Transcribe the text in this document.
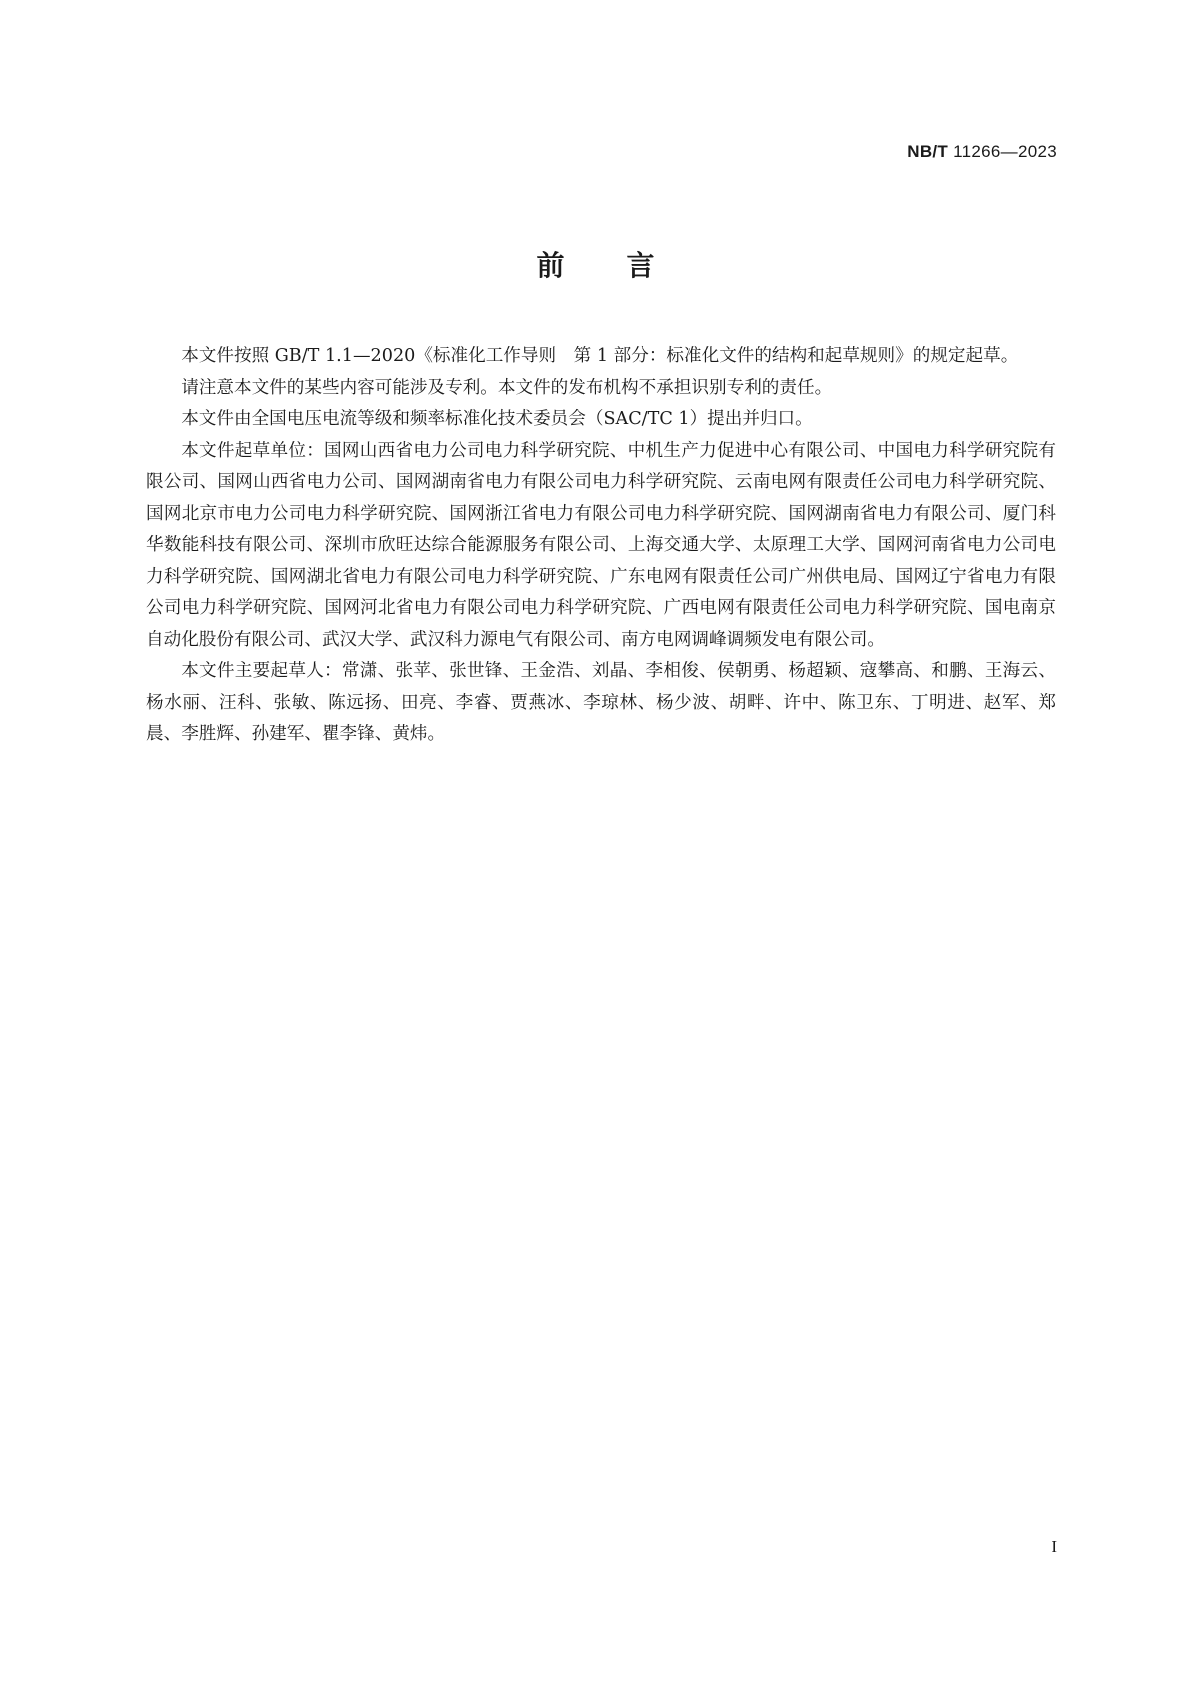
NB/T 11266—2023
前言

本文件按照 GB/T 1.1—2020《标准化工作导则　第 1 部分：标准化文件的结构和起草规则》的规定起草。

请注意本文件的某些内容可能涉及专利。本文件的发布机构不承担识别专利的责任。

本文件由全国电压电流等级和频率标准化技术委员会（SAC/TC 1）提出并归口。

本文件起草单位：国网山西省电力公司电力科学研究院、中机生产力促进中心有限公司、中国电力科学研究院有限公司、国网山西省电力公司、国网湖南省电力有限公司电力科学研究院、云南电网有限责任公司电力科学研究院、国网北京市电力公司电力科学研究院、国网浙江省电力有限公司电力科学研究院、国网湖南省电力有限公司、厦门科华数能科技有限公司、深圳市欣旺达综合能源服务有限公司、上海交通大学、太原理工大学、国网河南省电力公司电力科学研究院、国网湖北省电力有限公司电力科学研究院、广东电网有限责任公司广州供电局、国网辽宁省电力有限公司电力科学研究院、国网河北省电力有限公司电力科学研究院、广西电网有限责任公司电力科学研究院、国电南京自动化股份有限公司、武汉大学、武汉科力源电气有限公司、南方电网调峰调频发电有限公司。

本文件主要起草人：常潇、张苹、张世锋、王金浩、刘晶、李相俊、侯朝勇、杨超颖、寇攀高、和鹏、王海云、杨水丽、汪科、张敏、陈远扬、田亮、李睿、贾燕冰、李琼林、杨少波、胡畔、许中、陈卫东、丁明进、赵军、郑晨、李胜辉、孙建军、瞿李锋、黄炜。

I
